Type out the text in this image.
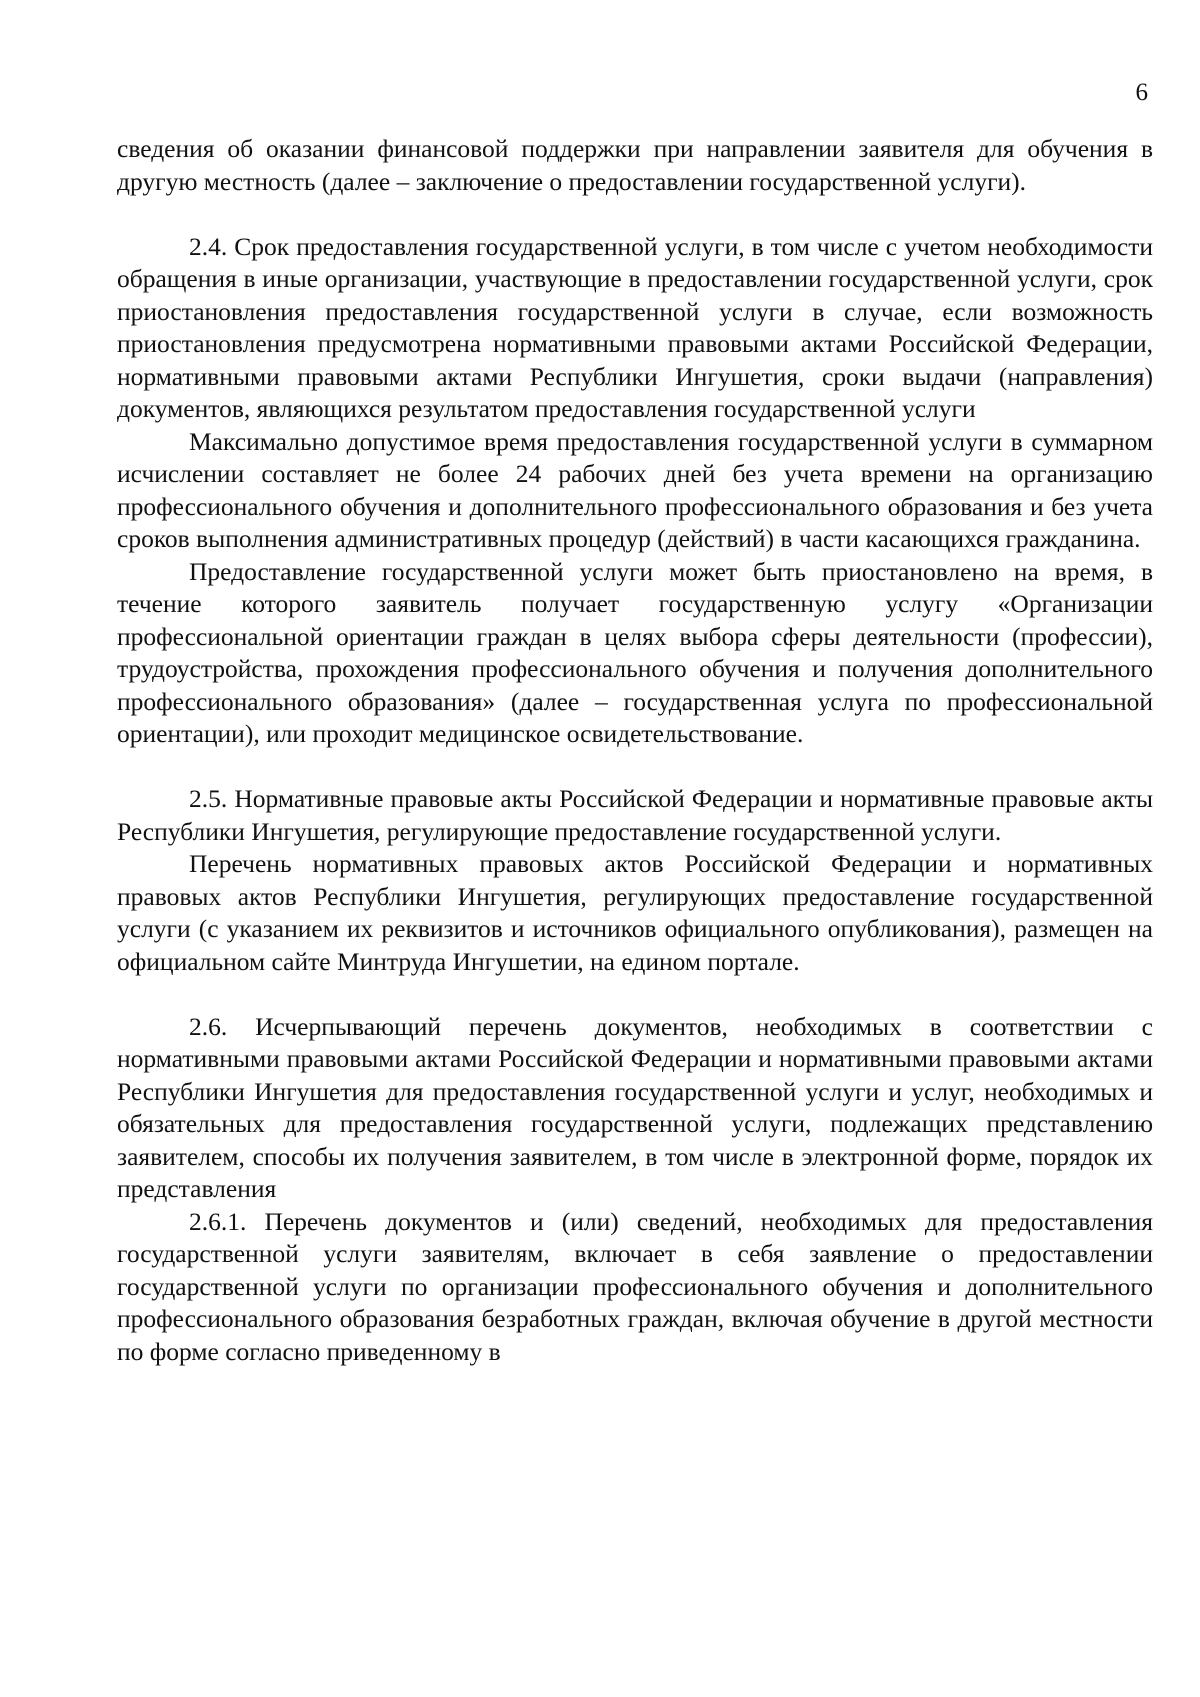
6

сведения об оказании финансовой поддержки при направлении заявителя для обучения в другую местность (далее – заключение о предоставлении государственной услуги).

2.4. Срок предоставления государственной услуги, в том числе с учетом необходимости обращения в иные организации, участвующие в предоставлении государственной услуги, срок приостановления предоставления государственной услуги в случае, если возможность приостановления предусмотрена нормативными правовыми актами Российской Федерации, нормативными правовыми актами Республики Ингушетия, сроки выдачи (направления) документов, являющихся результатом предоставления государственной услуги

Максимально допустимое время предоставления государственной услуги в суммарном исчислении составляет не более 24 рабочих дней без учета времени на организацию профессионального обучения и дополнительного профессионального образования и без учета сроков выполнения административных процедур (действий) в части касающихся гражданина.

Предоставление государственной услуги может быть приостановлено на время, в течение которого заявитель получает государственную услугу «Организации профессиональной ориентации граждан в целях выбора сферы деятельности (профессии), трудоустройства, прохождения профессионального обучения и получения дополнительного профессионального образования» (далее – государственная услуга по профессиональной ориентации), или проходит медицинское освидетельствование.

2.5. Нормативные правовые акты Российской Федерации и нормативные правовые акты Республики Ингушетия, регулирующие предоставление государственной услуги.

Перечень нормативных правовых актов Российской Федерации и нормативных правовых актов Республики Ингушетия, регулирующих предоставление государственной услуги (с указанием их реквизитов и источников официального опубликования), размещен на официальном сайте Минтруда Ингушетии, на едином портале.

2.6. Исчерпывающий перечень документов, необходимых в соответствии с нормативными правовыми актами Российской Федерации и нормативными правовыми актами Республики Ингушетия для предоставления государственной услуги и услуг, необходимых и обязательных для предоставления государственной услуги, подлежащих представлению заявителем, способы их получения заявителем, в том числе в электронной форме, порядок их представления

2.6.1. Перечень документов и (или) сведений, необходимых для предоставления государственной услуги заявителям, включает в себя заявление о предоставлении государственной услуги по организации профессионального обучения и дополнительного профессионального образования безработных граждан, включая обучение в другой местности по форме согласно приведенному в
